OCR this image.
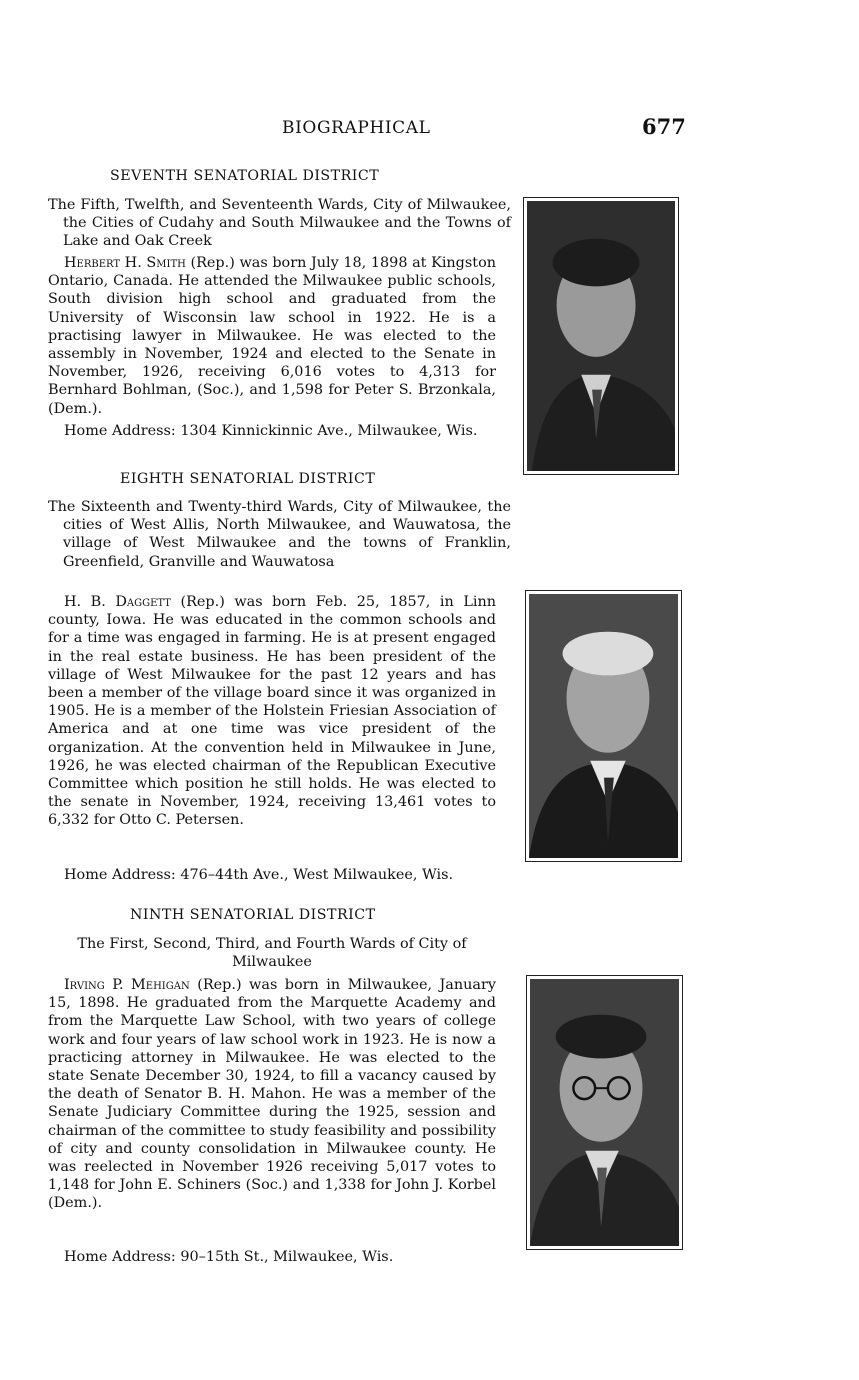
BIOGRAPHICAL	677
SEVENTH SENATORIAL DISTRICT
The Fifth, Twelfth, and Seventeenth Wards, City of Milwaukee, the Cities of Cudahy and South Milwaukee and the Towns of Lake and Oak Creek

Herbert H. Smith (Rep.) was born July 18, 1898 at Kingston Ontario, Canada. He attended the Milwaukee public schools, South division high school and graduated from the University of Wisconsin law school in 1922. He is a practising lawyer in Milwaukee. He was elected to the assembly in November, 1924 and elected to the Senate in November, 1926, receiving 6,016 votes to 4,313 for Bernhard Bohlman, (Soc.), and 1,598 for Peter S. Brzonkala, (Dem.).

Home Address: 1304 Kinnickinnic Ave., Milwaukee, Wis.
EIGHTH SENATORIAL DISTRICT
The Sixteenth and Twenty-third Wards, City of Milwaukee, the cities of West Allis, North Milwaukee, and Wauwatosa, the village of West Milwaukee and the towns of Franklin, Greenfield, Granville and Wauwatosa

H. B. Daggett (Rep.) was born Feb. 25, 1857, in Linn county, Iowa. He was educated in the common schools and for a time was engaged in farming. He is at present engaged in the real estate business. He has been president of the village of West Milwaukee for the past 12 years and has been a member of the village board since it was organized in 1905. He is a member of the Holstein Friesian Association of America and at one time was vice president of the organization. At the convention held in Milwaukee in June, 1926, he was elected chairman of the Republican Executive Committee which position he still holds. He was elected to the senate in November, 1924, receiving 13,461 votes to 6,332 for Otto C. Petersen.

Home Address: 476–44th Ave., West Milwaukee, Wis.
NINTH SENATORIAL DISTRICT
The First, Second, Third, and Fourth Wards of City of Milwaukee

Irving P. Mehigan (Rep.) was born in Milwaukee, January 15, 1898. He graduated from the Marquette Academy and from the Marquette Law School, with two years of college work and four years of law school work in 1923. He is now a practicing attorney in Milwaukee. He was elected to the state Senate December 30, 1924, to fill a vacancy caused by the death of Senator B. H. Mahon. He was a member of the Senate Judiciary Committee during the 1925, session and chairman of the committee to study feasibility and possibility of city and county consolidation in Milwaukee county. He was reelected in November 1926 receiving 5,017 votes to 1,148 for John E. Schiners (Soc.) and 1,338 for John J. Korbel (Dem.).

Home Address: 90–15th St., Milwaukee, Wis.
